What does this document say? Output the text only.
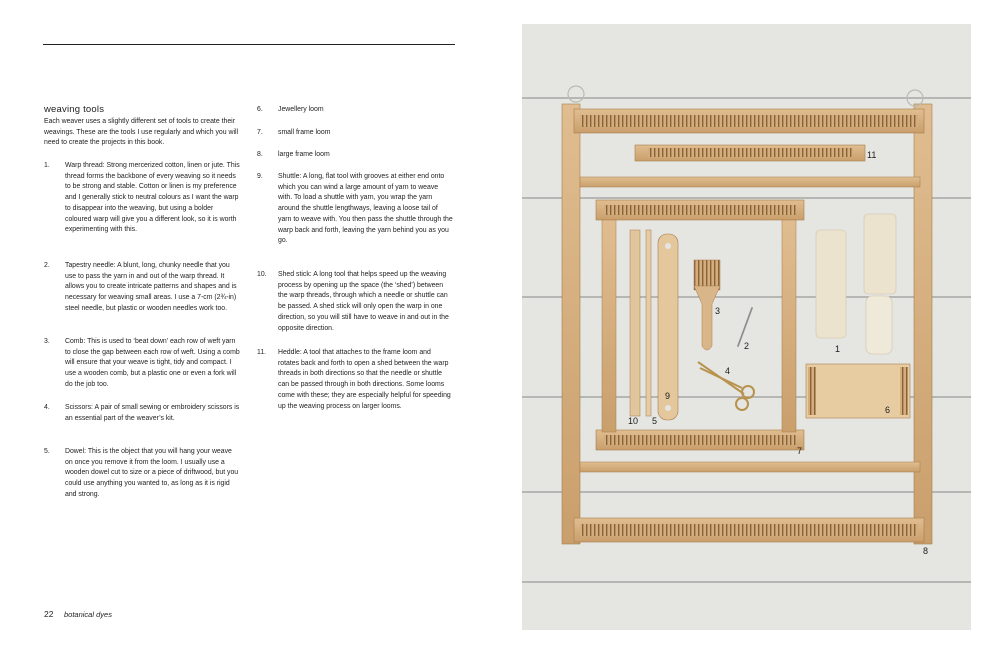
weaving tools
Each weaver uses a slightly different set of tools to create their weavings. These are the tools I use regularly and which you will need to create the projects in this book.
1. Warp thread: Strong mercerized cotton, linen or jute. This thread forms the backbone of every weaving so it needs to be strong and stable. Cotton or linen is my preference and I generally stick to neutral colours as I want the warp to disappear into the weaving, but using a bolder coloured warp will give you a different look, so it is worth experimenting with this.
2. Tapestry needle: A blunt, long, chunky needle that you use to pass the yarn in and out of the warp thread. It allows you to create intricate patterns and shapes and is necessary for weaving small areas. I use a 7-cm (2¾-in) steel needle, but plastic or wooden needles work too.
3. Comb: This is used to ‘beat down’ each row of weft yarn to close the gap between each row of weft. Using a comb will ensure that your weave is tight, tidy and compact. I use a wooden comb, but a plastic one or even a fork will do the job too.
4. Scissors: A pair of small sewing or embroidery scissors is an essential part of the weaver’s kit.
5. Dowel: This is the object that you will hang your weave on once you remove it from the loom. I usually use a wooden dowel cut to size or a piece of driftwood, but you could use anything you wanted to, as long as it is rigid and strong.
6. Jewellery loom
7. small frame loom
8. large frame loom
9. Shuttle: A long, flat tool with grooves at either end onto which you can wind a large amount of yarn to weave with. To load a shuttle with yarn, you wrap the yarn around the shuttle lengthways, leaving a loose tail of yarn to weave with. You then pass the shuttle through the warp back and forth, leaving the yarn behind you as you go.
10. Shed stick: A long tool that helps speed up the weaving process by opening up the space (the ‘shed’) between the warp threads, through which a needle or shuttle can be passed. A shed stick will only open the warp in one direction, so you will still have to weave in and out in the opposite direction.
11. Heddle: A tool that attaches to the frame loom and rotates back and forth to open a shed between the warp threads in both directions so that the needle or shuttle can be passed through in both directions. Some looms come with these; they are especially helpful for speeding up the weaving process on larger looms.
22 botanical dyes
11
3
2	1
4
9
10 5
6
7
8
